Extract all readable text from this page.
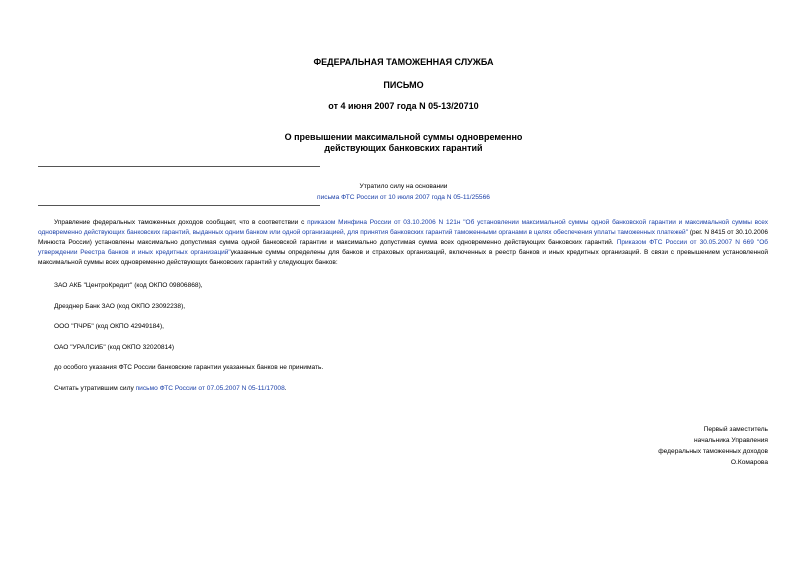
ФЕДЕРАЛЬНАЯ ТАМОЖЕННАЯ СЛУЖБА
ПИСЬМО
от 4 июня 2007 года N 05-13/20710
О превышении максимальной суммы одновременно
действующих банковских гарантий
Утратило силу на основании
письма ФТС России от 10 июля 2007 года N 05-11/25566
Управление федеральных таможенных доходов сообщает, что в соответствии с приказом Минфина России от 03.10.2006 N 121н "Об установлении максимальной суммы одной банковской гарантии и максимальной суммы всех одновременно действующих банковских гарантий, выданных одним банком или одной организацией, для принятия банковских гарантий таможенными органами в целях обеспечения уплаты таможенных платежей" (рег. N 8415 от 30.10.2006 Минюста России) установлены максимально допустимая сумма одной банковской гарантии и максимально допустимая сумма всех одновременно действующих банковских гарантий. Приказом ФТС России от 30.05.2007 N 669 "Об утверждении Реестра банков и иных кредитных организаций"указанные суммы определены для банков и страховых организаций, включенных в реестр банков и иных кредитных организаций. В связи с превышением установленной максимальной суммы всех одновременно действующих банковских гарантий у следующих банков:
ЗАО АКБ "ЦентроКредит" (код ОКПО 09806868),
Дрезднер Банк ЗАО (код ОКПО 23092238),
ООО "ПЧРБ" (код ОКПО 42949184),
ОАО "УРАЛСИБ" (код ОКПО 32020814)
до особого указания ФТС России банковские гарантии указанных банков не принимать.
Считать утратившим силу письмо ФТС России от 07.05.2007 N 05-11/17008.
Первый заместитель
начальника Управления
федеральных таможенных доходов
О.Комарова
